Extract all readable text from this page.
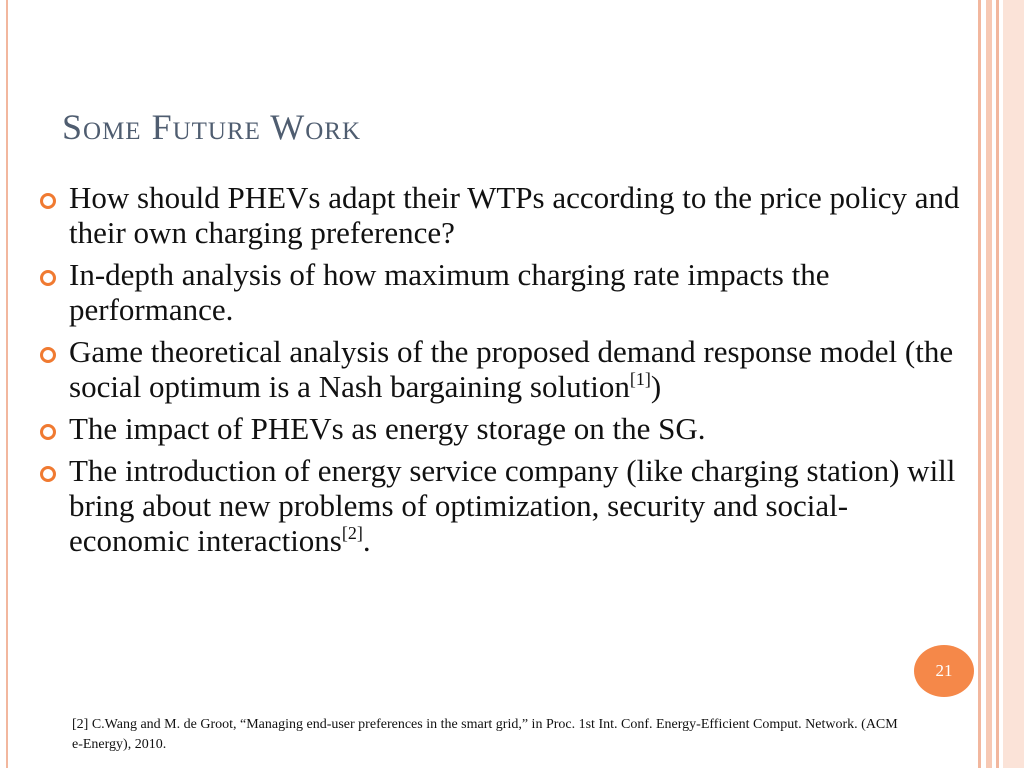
Some Future Work
How should PHEVs adapt their WTPs according to the price policy and their own charging preference?
In-depth analysis of how maximum charging rate impacts the performance.
Game theoretical analysis of the proposed demand response model (the social optimum is a Nash bargaining solution[1])
The impact of PHEVs as energy storage on the SG.
The introduction of energy service company (like charging station) will bring about new problems of optimization, security and social-economic interactions[2].
21

[2] C.Wang and M. de Groot, “Managing end-user preferences in the smart grid,” in Proc. 1st Int. Conf. Energy-Efficient Comput. Network. (ACM e-Energy), 2010.
